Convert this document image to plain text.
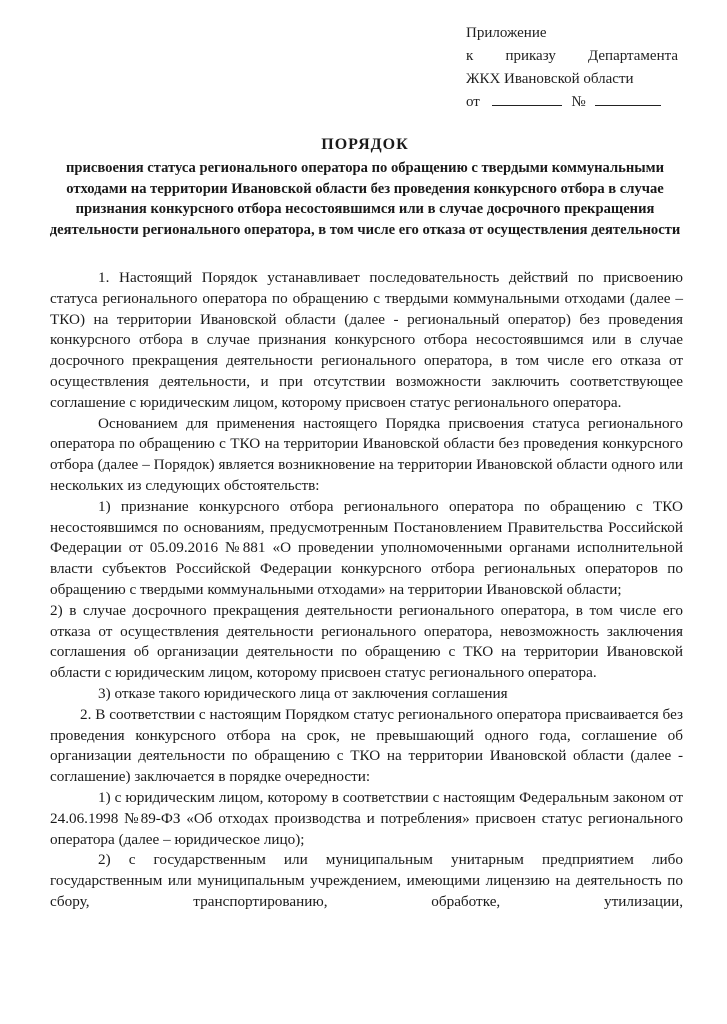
Приложение
к приказу Департамента
ЖКХ Ивановской области
от	№
ПОРЯДОК
присвоения статуса регионального оператора по обращению с твердыми коммунальными отходами на территории Ивановской области без проведения конкурсного отбора в случае признания конкурсного отбора несостоявшимся или в случае досрочного прекращения деятельности регионального оператора, в том числе его отказа от осуществления деятельности

1. Настоящий Порядок устанавливает последовательность действий по присвоению статуса регионального оператора по обращению с твердыми коммунальными отходами (далее – ТКО) на территории Ивановской области (далее - региональный оператор) без проведения конкурсного отбора в случае признания конкурсного отбора несостоявшимся или в случае досрочного прекращения деятельности регионального оператора, в том числе его отказа от осуществления деятельности, и при отсутствии возможности заключить соответствующее соглашение с юридическим лицом, которому присвоен статус регионального оператора.

Основанием для применения настоящего Порядка присвоения статуса регионального оператора по обращению с ТКО на территории Ивановской области без проведения конкурсного отбора (далее – Порядок) является возникновение на территории Ивановской области одного или нескольких из следующих обстоятельств:

1) признание конкурсного отбора регионального оператора по обращению с ТКО несостоявшимся по основаниям, предусмотренным Постановлением Правительства Российской Федерации от 05.09.2016 №881 «О проведении уполномоченными органами исполнительной власти субъектов Российской Федерации конкурсного отбора региональных операторов по обращению с твердыми коммунальными отходами» на территории Ивановской области;

2) в случае досрочного прекращения деятельности регионального оператора, в том числе его отказа от осуществления деятельности регионального оператора, невозможность заключения соглашения об организации деятельности по обращению с ТКО на территории Ивановской области с юридическим лицом, которому присвоен статус регионального оператора.

3) отказе такого юридического лица от заключения соглашения

2. В соответствии с настоящим Порядком статус регионального оператора присваивается без проведения конкурсного отбора на срок, не превышающий одного года, соглашение об организации деятельности по обращению с ТКО на территории Ивановской области (далее - соглашение) заключается в порядке очередности:

1) с юридическим лицом, которому в соответствии с настоящим Федеральным законом от 24.06.1998 №89-ФЗ «Об отходах производства и потребления» присвоен статус регионального оператора (далее – юридическое лицо);

2) с государственным или муниципальным унитарным предприятием либо государственным или муниципальным учреждением, имеющими лицензию на деятельность по сбору, транспортированию, обработке, утилизации,
